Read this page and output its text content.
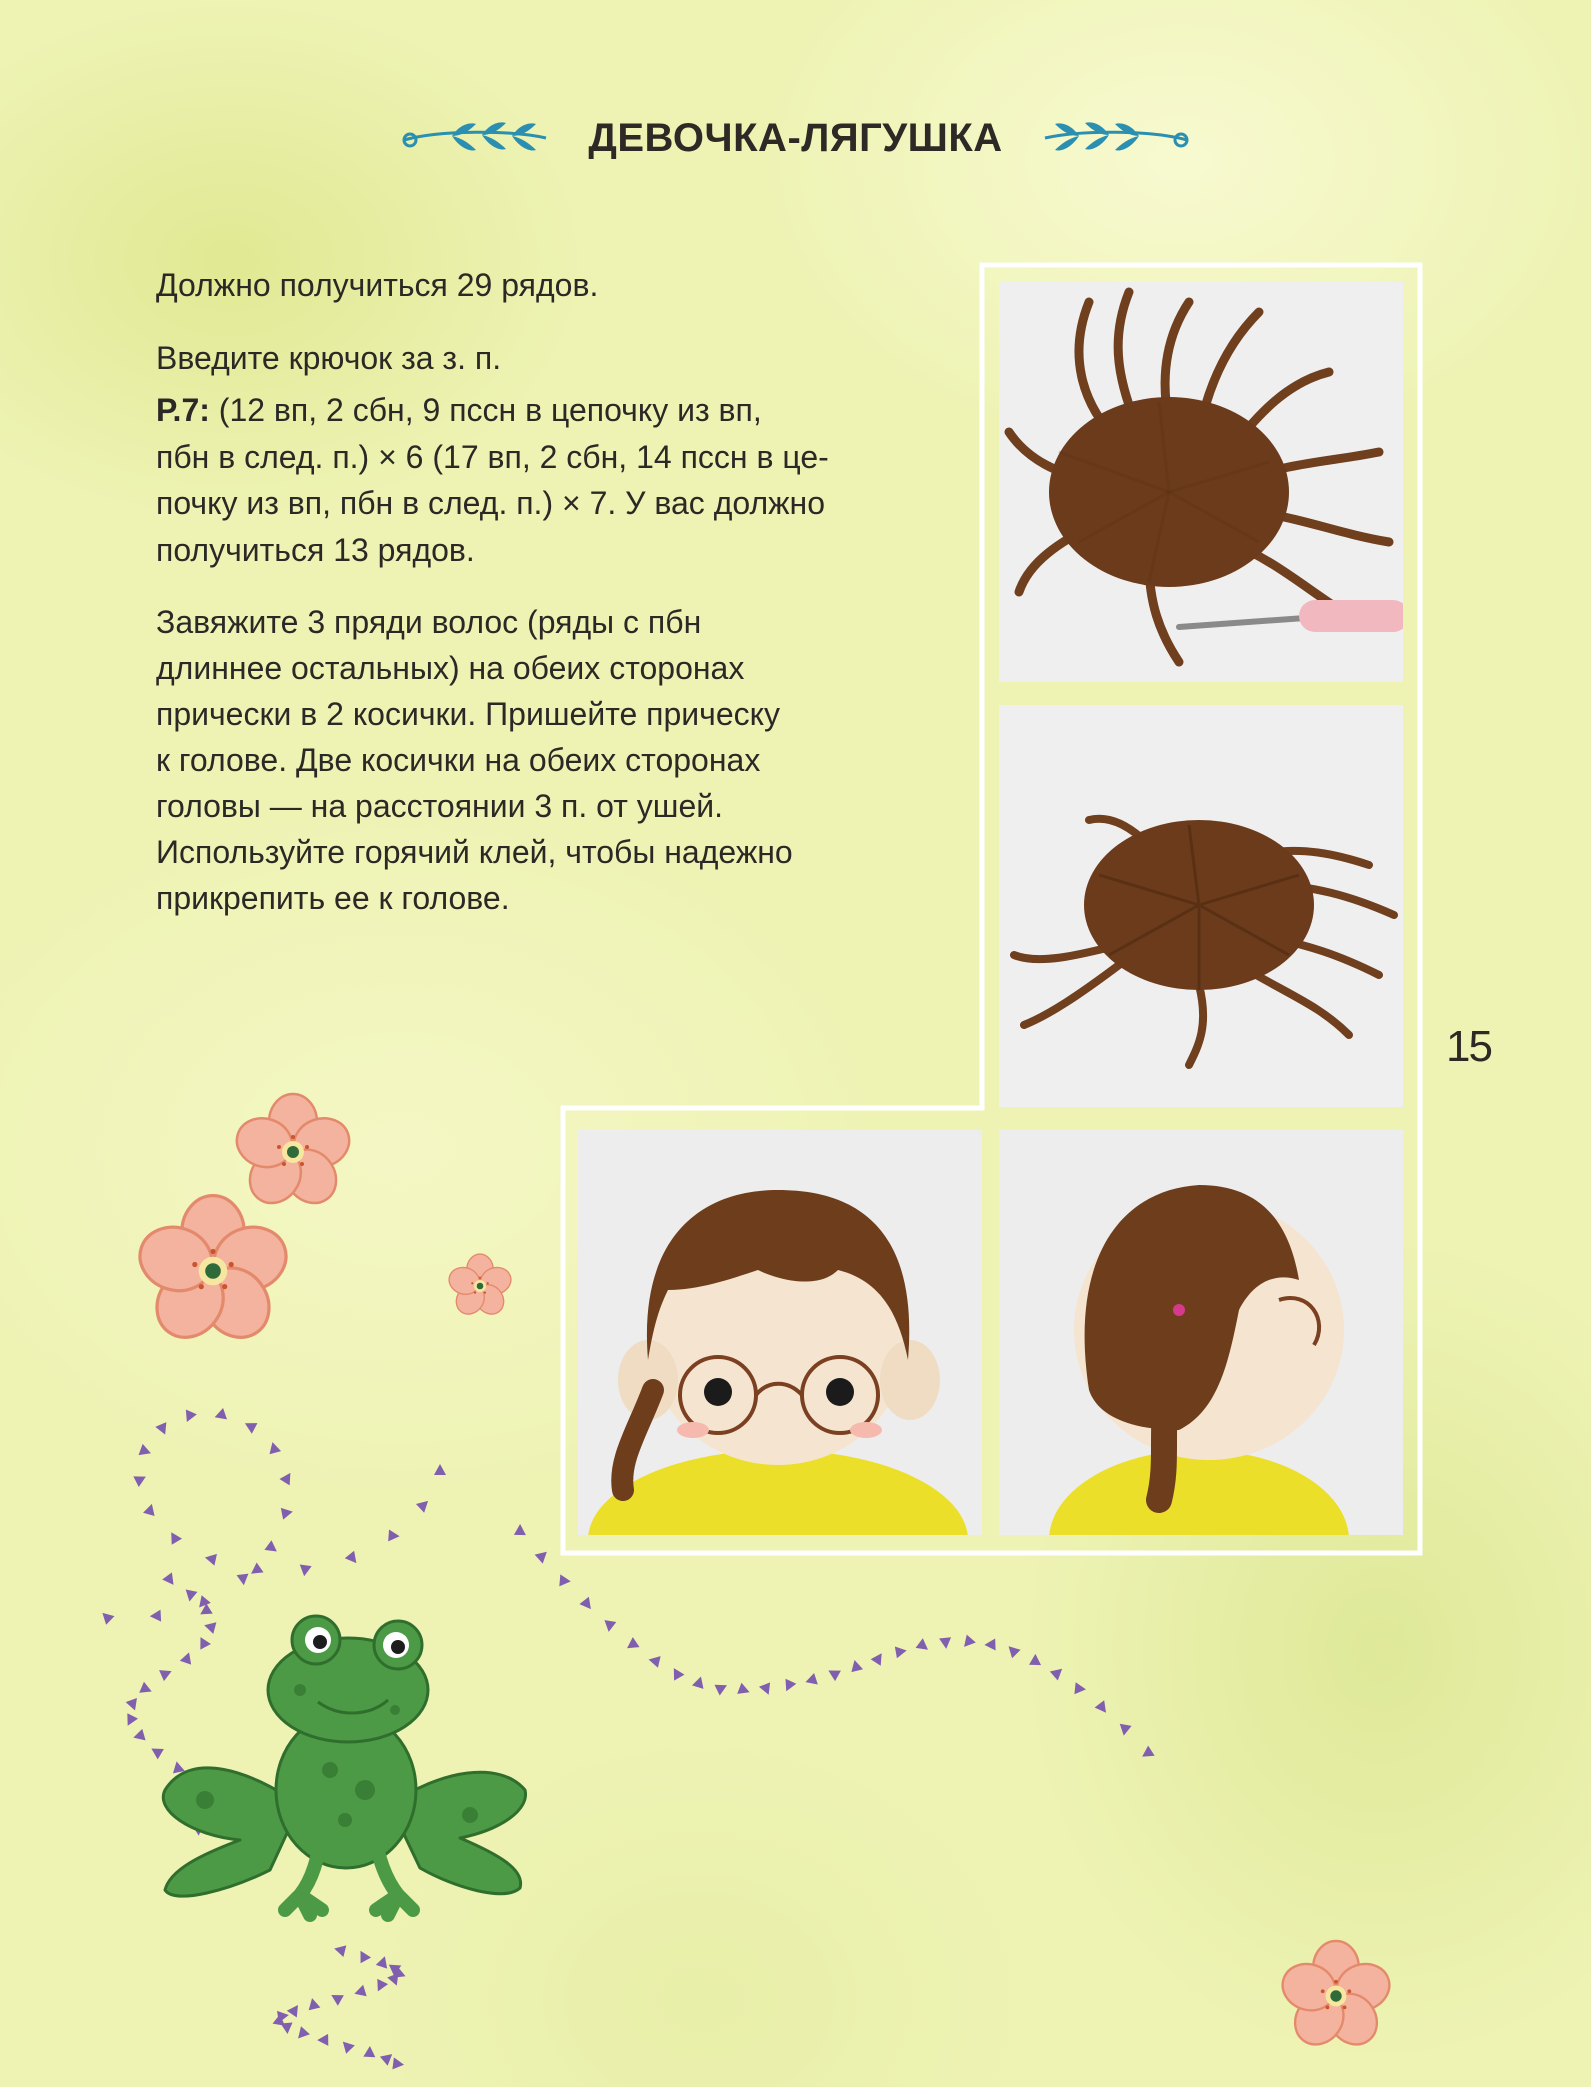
ДЕВОЧКА-ЛЯГУШКА

Должно получиться 29 рядов.

Введите крючок за з. п.

Р.7: (12 вп, 2 сбн, 9 пссн в цепочку из вп,
пбн в след. п.) × 6 (17 вп, 2 сбн, 14 пссн в це-
почку из вп, пбн в след. п.) × 7. У вас должно
получиться 13 рядов.

Завяжите 3 пряди волос (ряды с пбн
длиннее остальных) на обеих сторонах
прически в 2 косички. Пришейте прическу
к голове. Две косички на обеих сторонах
головы — на расстоянии 3 п. от ушей.
Используйте горячий клей, чтобы надежно
прикрепить ее к голове.

15
